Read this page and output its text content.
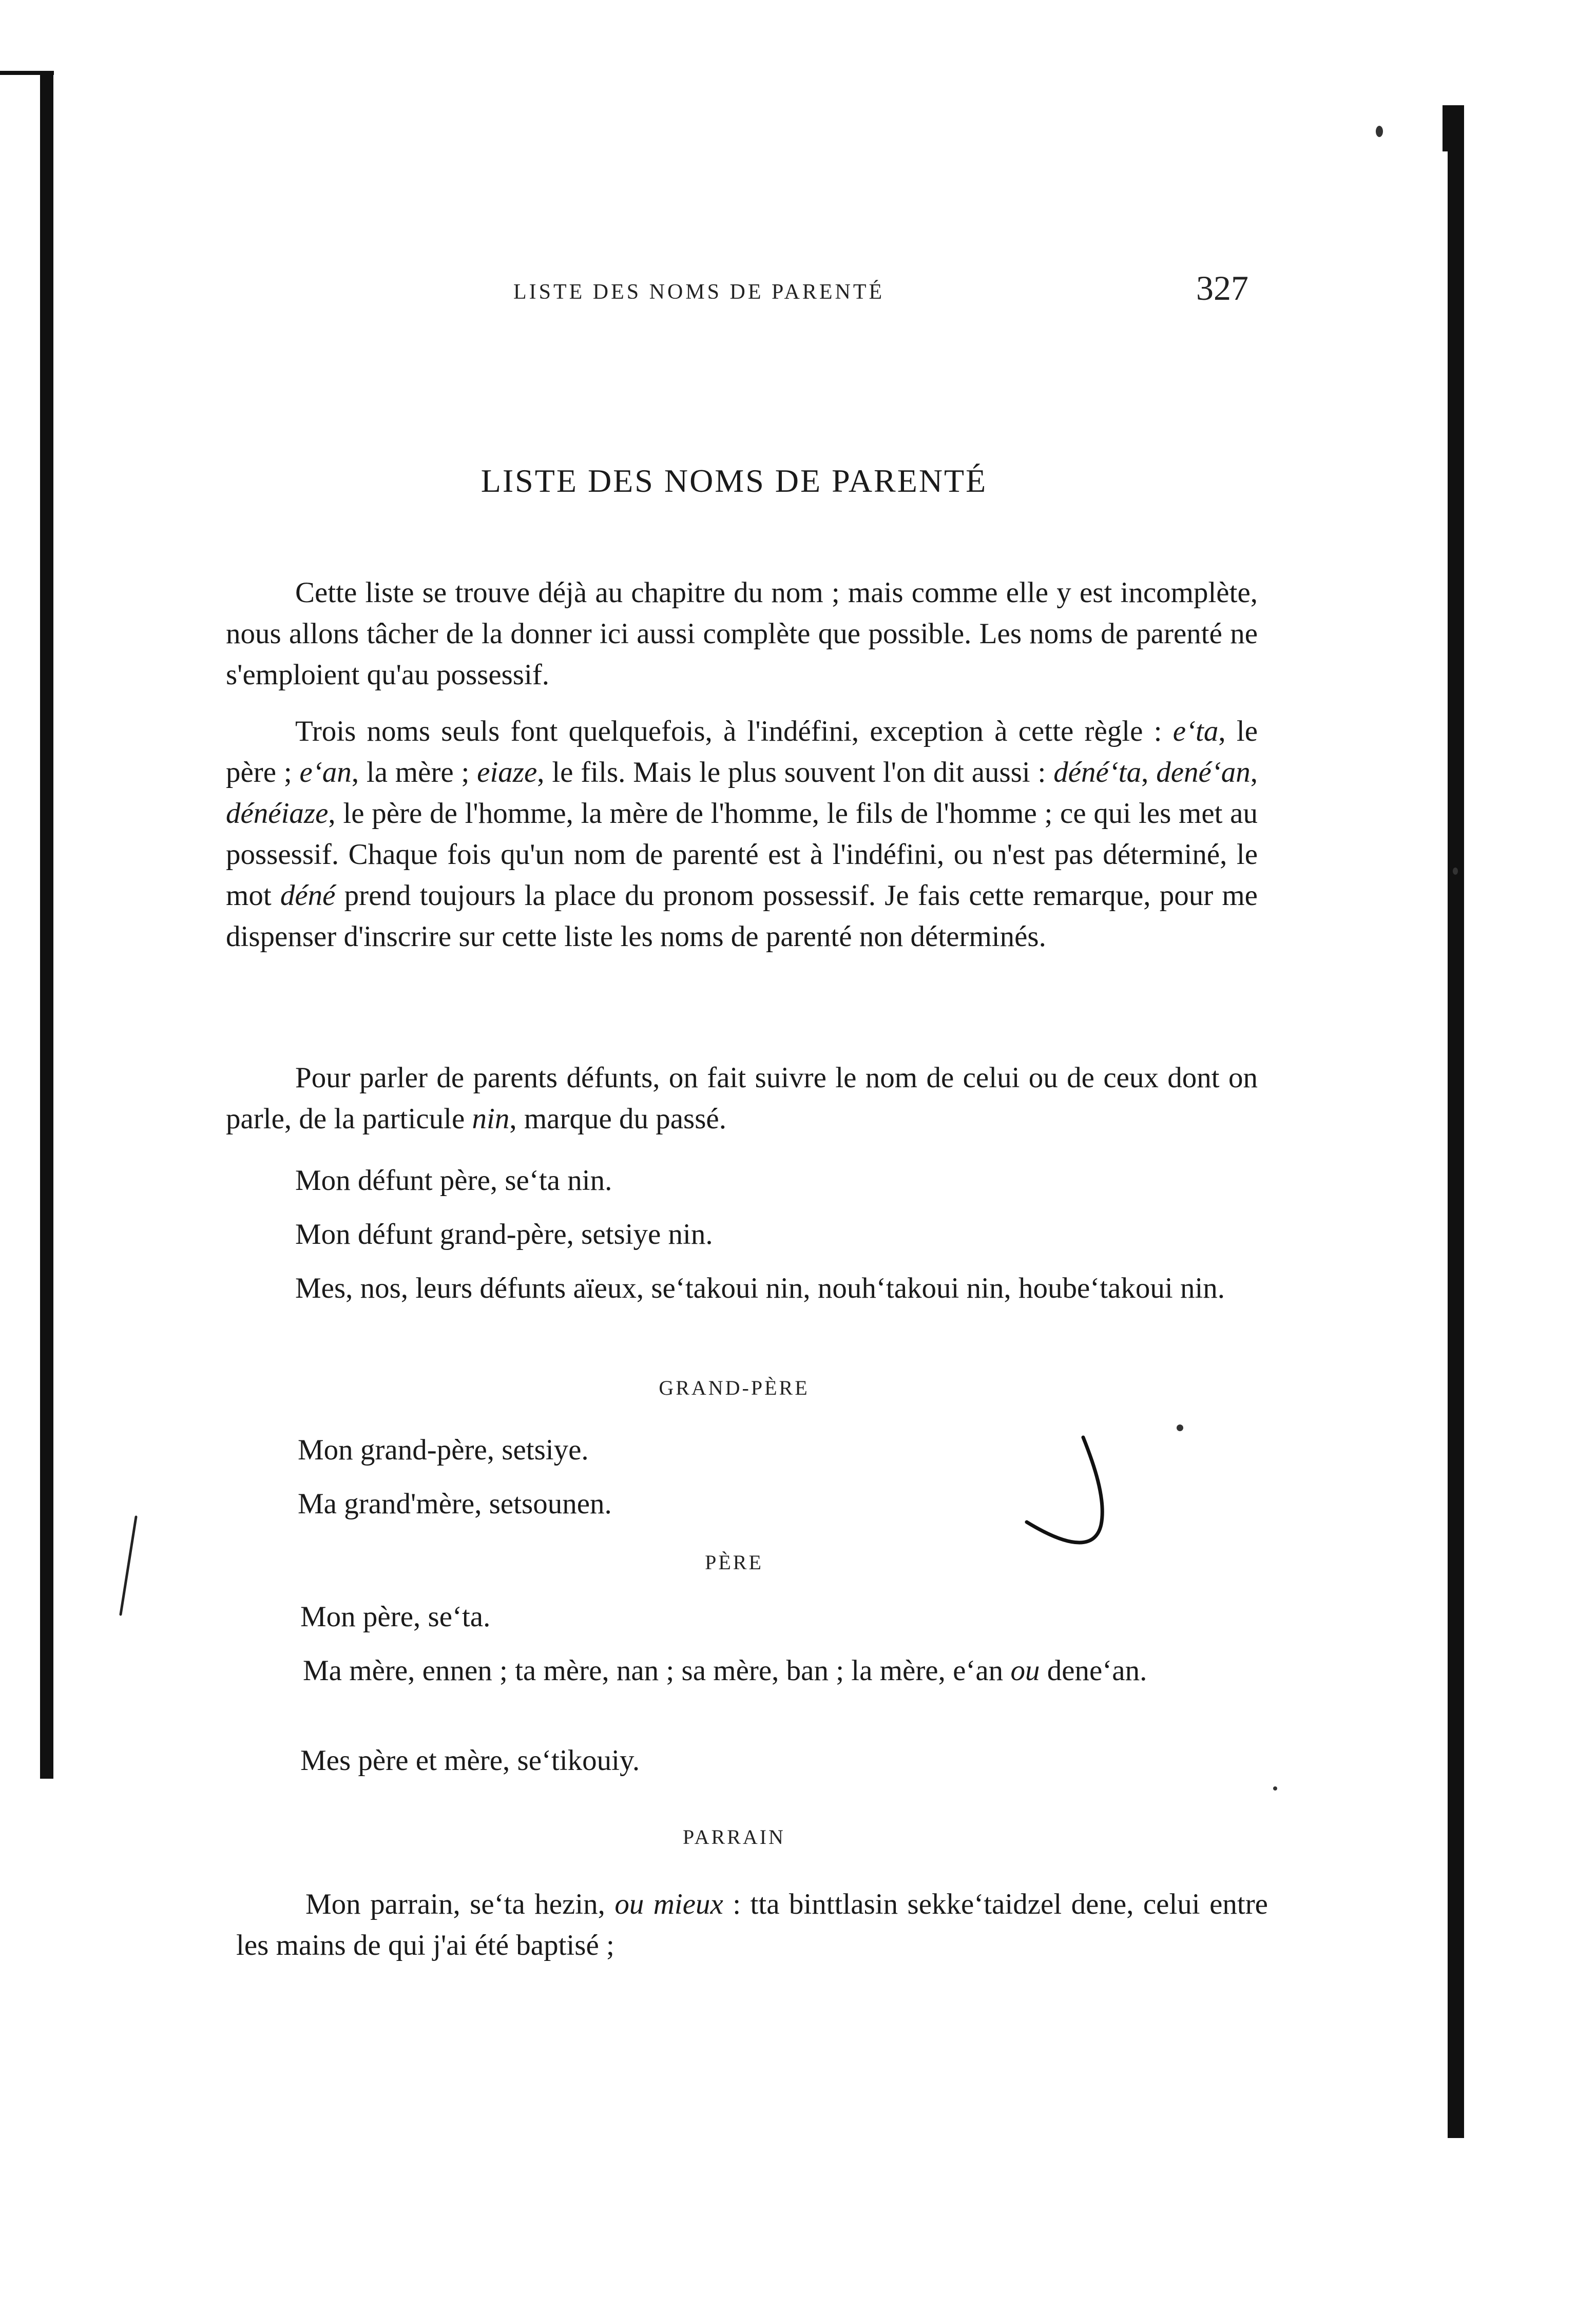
LISTE DES NOMS DE PARENTÉ	327
LISTE DES NOMS DE PARENTÉ
Cette liste se trouve déjà au chapitre du nom ; mais comme elle y est incomplète, nous allons tâcher de la donner ici aussi complète que possible. Les noms de parenté ne s'emploient qu'au possessif.
Trois noms seuls font quelquefois, à l'indéfini, exception à cette règle : e‘ta, le père ; e‘an, la mère ; eiaze, le fils. Mais le plus souvent l'on dit aussi : déné‘ta, dené‘an, dénéiaze, le père de l'homme, la mère de l'homme, le fils de l'homme ; ce qui les met au possessif. Chaque fois qu'un nom de parenté est à l'indéfini, ou n'est pas déterminé, le mot déné prend toujours la place du pronom possessif. Je fais cette remarque, pour me dispenser d'inscrire sur cette liste les noms de parenté non déterminés.
Pour parler de parents défunts, on fait suivre le nom de celui ou de ceux dont on parle, de la particule nin, marque du passé.
Mon défunt père, se‘ta nin.
Mon défunt grand-père, setsiye nin.
Mes, nos, leurs défunts aïeux, se‘takoui nin, nouh‘takoui nin, hoube‘takoui nin.
GRAND-PÈRE
Mon grand-père, setsiye.
Ma grand'mère, setsounen.
PÈRE
Mon père, se‘ta.
Ma mère, ennen ; ta mère, nan ; sa mère, ban ; la mère, e‘an ou dene‘an.
Mes père et mère, se‘tikouiy.
PARRAIN
Mon parrain, se‘ta hezin, ou mieux : tta binttlasin sekke‘taidzel dene, celui entre les mains de qui j'ai été baptisé ;
